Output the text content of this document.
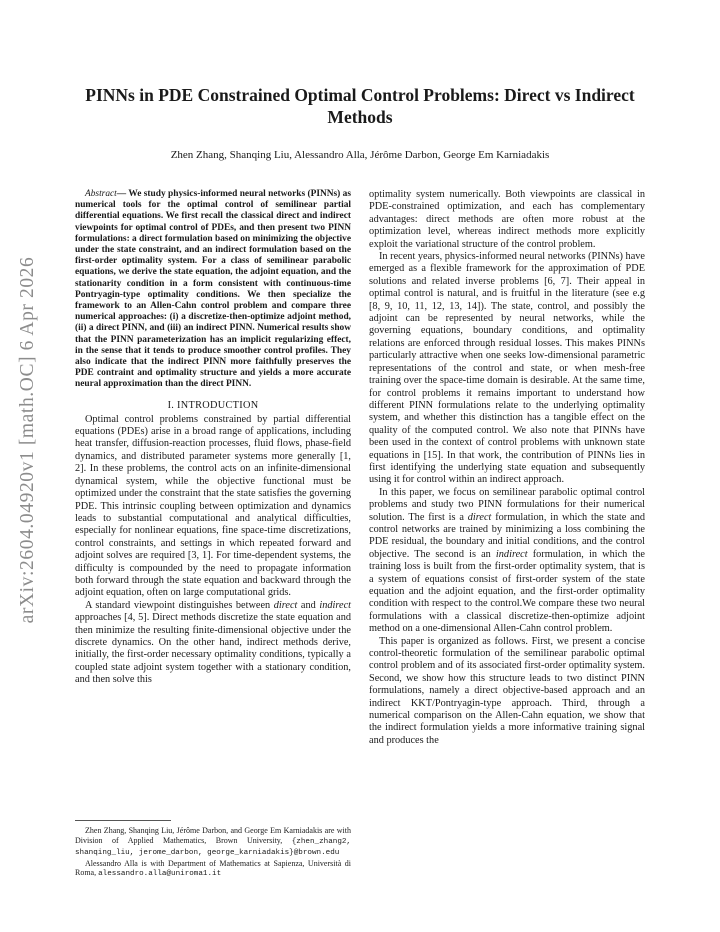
arXiv:2604.04920v1 [math.OC] 6 Apr 2026
PINNs in PDE Constrained Optimal Control Problems: Direct vs Indirect Methods
Zhen Zhang, Shanqing Liu, Alessandro Alla, Jérôme Darbon, George Em Karniadakis

Abstract— We study physics-informed neural networks (PINNs) as numerical tools for the optimal control of semilinear partial differential equations. We first recall the classical direct and indirect viewpoints for optimal control of PDEs, and then present two PINN formulations: a direct formulation based on minimizing the objective under the state constraint, and an indirect formulation based on the first-order optimality system. For a class of semilinear parabolic equations, we derive the state equation, the adjoint equation, and the stationarity condition in a form consistent with continuous-time Pontryagin-type optimality conditions. We then specialize the framework to an Allen-Cahn control problem and compare three numerical approaches: (i) a discretize-then-optimize adjoint method, (ii) a direct PINN, and (iii) an indirect PINN. Numerical results show that the PINN parameterization has an implicit regularizing effect, in the sense that it tends to produce smoother control profiles. They also indicate that the indirect PINN more faithfully preserves the PDE contraint and optimality structure and yields a more accurate neural approximation than the direct PINN.

I. INTRODUCTION

Optimal control problems constrained by partial differential equations (PDEs) arise in a broad range of applications, including heat transfer, diffusion-reaction processes, fluid flows, phase-field dynamics, and distributed parameter systems more generally [1, 2]. In these problems, the control acts on an infinite-dimensional dynamical system, while the objective functional must be optimized under the constraint that the state satisfies the governing PDE. This intrinsic coupling between optimization and dynamics leads to substantial computational and analytical difficulties, especially for nonlinear equations, fine space-time discretizations, control constraints, and settings in which repeated forward and adjoint solves are required [3, 1]. For time-dependent systems, the difficulty is compounded by the need to propagate information both forward through the state equation and backward through the adjoint equation, often on large computational grids.

A standard viewpoint distinguishes between direct and indirect approaches [4, 5]. Direct methods discretize the state equation and then minimize the resulting finite-dimensional objective under the discrete dynamics. On the other hand, indirect methods derive, initially, the first-order necessary optimality conditions, typically a coupled state adjoint system together with a stationary condition, and then solve this

Zhen Zhang, Shanqing Liu, Jérôme Darbon, and George Em Karniadakis are with Division of Applied Mathematics, Brown University, {zhen_zhang2, shanqing_liu, jerome_darbon, george_karniadakis}@brown.edu

Alessandro Alla is with Department of Mathematics at Sapienza, Università di Roma, alessandro.alla@uniroma1.it

optimality system numerically. Both viewpoints are classical in PDE-constrained optimization, and each has complementary advantages: direct methods are often more robust at the optimization level, whereas indirect methods more explicitly exploit the variational structure of the control problem.

In recent years, physics-informed neural networks (PINNs) have emerged as a flexible framework for the approximation of PDE solutions and related inverse problems [6, 7]. Their appeal in optimal control is natural, and is fruitful in the literature (see e.g [8, 9, 10, 11, 12, 13, 14]). The state, control, and possibly the adjoint can be represented by neural networks, while the governing equations, boundary conditions, and optimality relations are enforced through residual losses. This makes PINNs particularly attractive when one seeks low-dimensional parametric representations of the control and state, or when mesh-free training over the space-time domain is desirable. At the same time, for control problems it remains important to understand how different PINN formulations relate to the underlying optimality system, and whether this distinction has a tangible effect on the quality of the computed control. We also note that PINNs have been used in the context of control problems with unknown state equations in [15]. In that work, the contribution of PINNs lies in first identifying the underlying state equation and subsequently using it for control within an indirect approach.

In this paper, we focus on semilinear parabolic optimal control problems and study two PINN formulations for their numerical solution. The first is a direct formulation, in which the state and control networks are trained by minimizing a loss combining the PDE residual, the boundary and initial conditions, and the control objective. The second is an indirect formulation, in which the training loss is built from the first-order optimality system, that is a system of equations consist of first-order system of the state equation and the adjoint equation, and the first-order optimality condition with respect to the control.We compare these two neural formulations with a classical discretize-then-optimize adjoint method on a one-dimensional Allen-Cahn control problem.

This paper is organized as follows. First, we present a concise control-theoretic formulation of the semilinear parabolic optimal control problem and of its associated first-order optimality system. Second, we show how this structure leads to two distinct PINN formulations, namely a direct objective-based approach and an indirect KKT/Pontryagin-type approach. Third, through a numerical comparison on the Allen-Cahn equation, we show that the indirect formulation yields a more informative training signal and produces the
